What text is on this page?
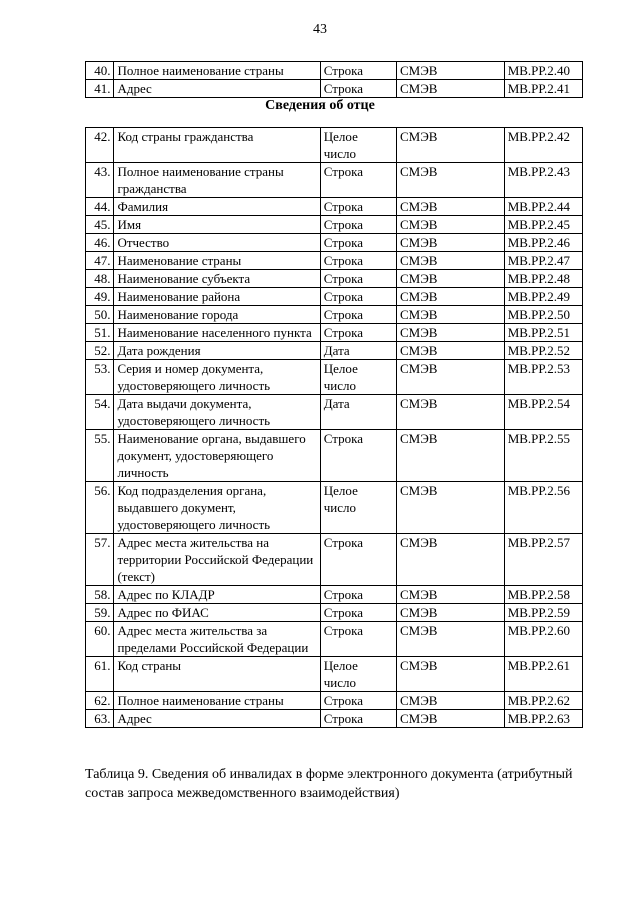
43
40.	Полное наименование страны	Строка	СМЭВ	МВ.РР.2.40
41.	Адрес	Строка	СМЭВ	МВ.РР.2.41
Сведения об отце
42.	Код страны гражданства	Целое число	СМЭВ	МВ.РР.2.42
43.	Полное наименование страны гражданства	Строка	СМЭВ	МВ.РР.2.43
44.	Фамилия	Строка	СМЭВ	МВ.РР.2.44
45.	Имя	Строка	СМЭВ	МВ.РР.2.45
46.	Отчество	Строка	СМЭВ	МВ.РР.2.46
47.	Наименование страны	Строка	СМЭВ	МВ.РР.2.47
48.	Наименование субъекта	Строка	СМЭВ	МВ.РР.2.48
49.	Наименование района	Строка	СМЭВ	МВ.РР.2.49
50.	Наименование города	Строка	СМЭВ	МВ.РР.2.50
51.	Наименование населенного пункта	Строка	СМЭВ	МВ.РР.2.51
52.	Дата рождения	Дата	СМЭВ	МВ.РР.2.52
53.	Серия и номер документа, удостоверяющего личность	Целое число	СМЭВ	МВ.РР.2.53
54.	Дата выдачи документа, удостоверяющего личность	Дата	СМЭВ	МВ.РР.2.54
55.	Наименование органа, выдавшего документ, удостоверяющего личность	Строка	СМЭВ	МВ.РР.2.55
56.	Код подразделения органа, выдавшего документ, удостоверяющего личность	Целое число	СМЭВ	МВ.РР.2.56
57.	Адрес места жительства на территории Российской Федерации (текст)	Строка	СМЭВ	МВ.РР.2.57
58.	Адрес по КЛАДР	Строка	СМЭВ	МВ.РР.2.58
59.	Адрес по ФИАС	Строка	СМЭВ	МВ.РР.2.59
60.	Адрес места жительства за пределами Российской Федерации	Строка	СМЭВ	МВ.РР.2.60
61.	Код страны	Целое число	СМЭВ	МВ.РР.2.61
62.	Полное наименование страны	Строка	СМЭВ	МВ.РР.2.62
63.	Адрес	Строка	СМЭВ	МВ.РР.2.63
Таблица 9. Сведения об инвалидах в форме электронного документа (атрибутный состав запроса межведомственного взаимодействия)
